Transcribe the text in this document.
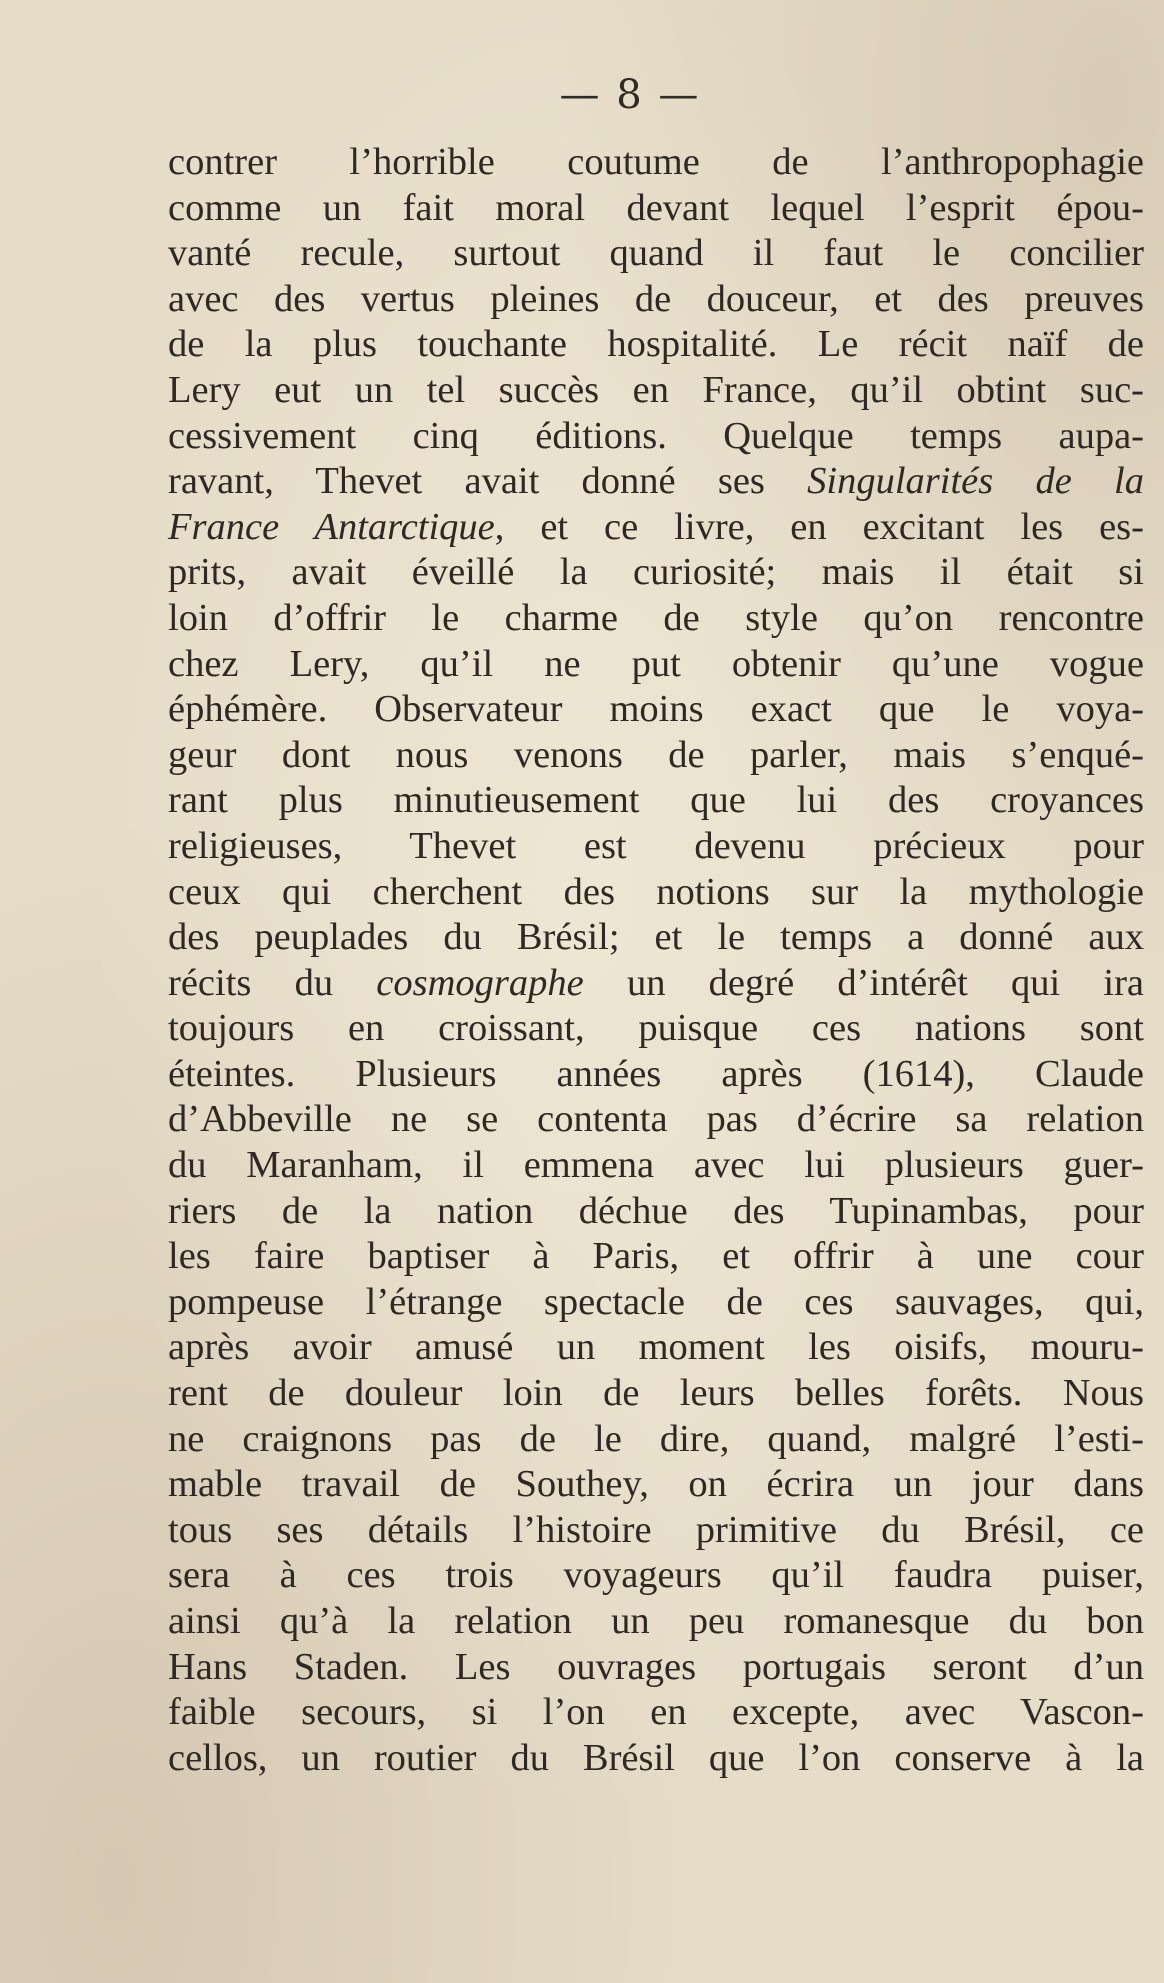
— 8 —
contrer l’horrible coutume de l’anthropophagie
comme un fait moral devant lequel l’esprit épou-
vanté recule, surtout quand il faut le concilier
avec des vertus pleines de douceur, et des preuves
de la plus touchante hospitalité. Le récit naïf de
Lery eut un tel succès en France, qu’il obtint suc-
cessivement cinq éditions. Quelque temps aupa-
ravant, Thevet avait donné ses Singularités de la
France Antarctique, et ce livre, en excitant les es-
prits, avait éveillé la curiosité; mais il était si
loin d’offrir le charme de style qu’on rencontre
chez Lery, qu’il ne put obtenir qu’une vogue
éphémère. Observateur moins exact que le voya-
geur dont nous venons de parler, mais s’enqué-
rant plus minutieusement que lui des croyances
religieuses, Thevet est devenu précieux pour
ceux qui cherchent des notions sur la mythologie
des peuplades du Brésil; et le temps a donné aux
récits du cosmographe un degré d’intérêt qui ira
toujours en croissant, puisque ces nations sont
éteintes. Plusieurs années après (1614), Claude
d’Abbeville ne se contenta pas d’écrire sa relation
du Maranham, il emmena avec lui plusieurs guer-
riers de la nation déchue des Tupinambas, pour
les faire baptiser à Paris, et offrir à une cour
pompeuse l’étrange spectacle de ces sauvages, qui,
après avoir amusé un moment les oisifs, mouru-
rent de douleur loin de leurs belles forêts. Nous
ne craignons pas de le dire, quand, malgré l’esti-
mable travail de Southey, on écrira un jour dans
tous ses détails l’histoire primitive du Brésil, ce
sera à ces trois voyageurs qu’il faudra puiser,
ainsi qu’à la relation un peu romanesque du bon
Hans Staden. Les ouvrages portugais seront d’un
faible secours, si l’on en excepte, avec Vascon-
cellos, un routier du Brésil que l’on conserve à la
